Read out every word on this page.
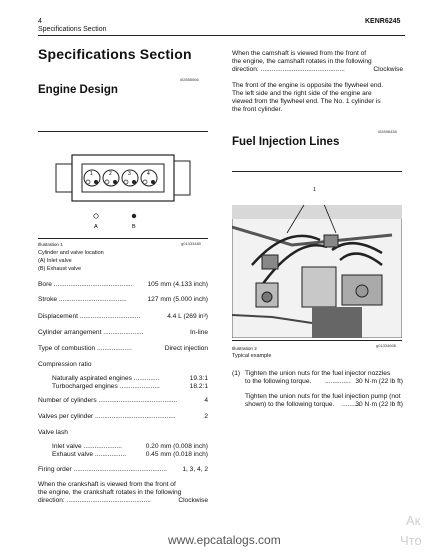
4
Specifications Section
KENR6245
Specifications Section
i02855066
Engine Design
1	2	3	4
A	B
g01333480
Illustration 1
Cylinder and valve location
(A) Inlet valve
(B) Exhaust valve
Bore ........................................... 105 mm (4.133 inch)
Stroke .....................................	127 mm (5.000 inch)
Displacement .................................	4.4 L (269 in³)
Cylinder arrangement ......................	In-line
Type of combustion ...................	Direct injection
Compression ratio
Naturally aspirated engines ..............	19.3:1
Turbocharged engines ......................	18.2:1
Number of cylinders ...........................................	4
Valves per cylinder ............................................	2
Valve lash
Inlet valve .....................	0.20 mm (0.008 inch)
Exhaust valve .................	0.45 mm (0.018 inch)
Firing order ................................................... 1, 3, 4, 2
When the crankshaft is viewed from the front of
the engine, the crankshaft rotates in the following
direction: ..............................................	Clockwise
When the camshaft is viewed from the front of
the engine, the camshaft rotates in the following
direction: ..............................................	Clockwise
The front of the engine is opposite the flywheel end.
The left side and the right side of the engine are
viewed from the flywheel end. The No. 1 cylinder is
the front cylinder.
i02898438
Fuel Injection Lines
1
g01334606
Illustration 2
Typical example
(1) Tighten the union nuts for the fuel injector nozzles
to the following torque. .............. 30 N·m (22 lb ft)
Tighten the union nuts for the fuel injection pump (not
shown) to the following torque. ..........
30 N·m (22 lb ft)
www.epcatalogs.com
Ак
Что
